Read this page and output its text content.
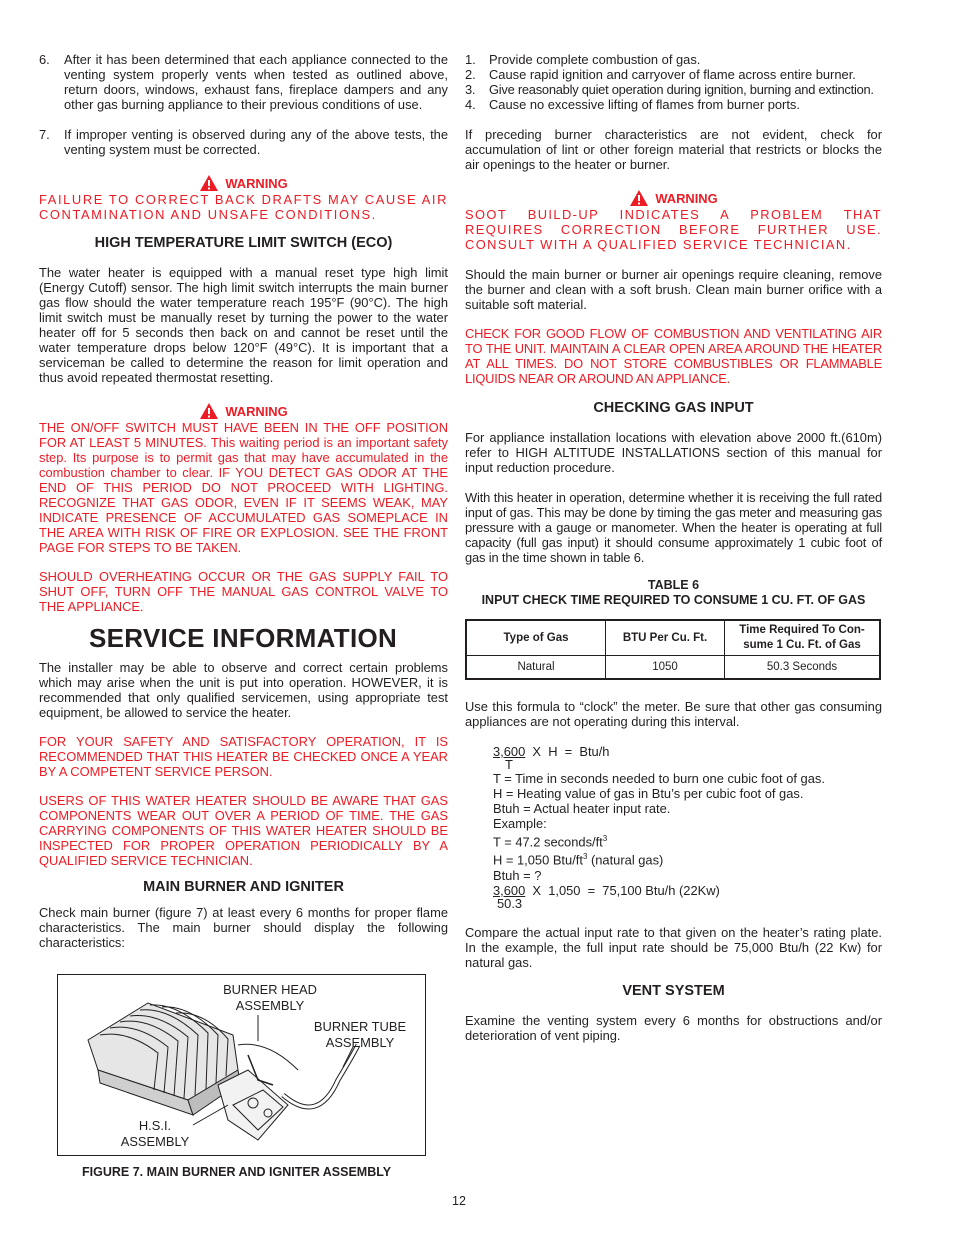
6.	After it has been determined that each appliance connected to the venting system properly vents when tested as outlined above, return doors, windows, exhaust fans, fireplace dampers and any other gas burning appliance to their previous conditions of use.
7.	If improper venting is observed during any of the above tests, the venting system must be corrected.
WARNING

FAILURE TO CORRECT BACK DRAFTS MAY CAUSE AIR CONTAMINATION AND UNSAFE CONDITIONS.

HIGH TEMPERATURE LIMIT SWITCH (ECO)

The water heater is equipped with a manual reset type high limit (Energy Cutoff) sensor. The high limit switch interrupts the main burner gas flow should the water temperature reach 195°F (90°C). The high limit switch must be manually reset by turning the power to the water heater off for 5 seconds then back on and cannot be reset until the water temperature drops below 120°F (49°C). It is important that a serviceman be called to determine the reason for limit operation and thus avoid repeated thermostat resetting.

WARNING

THE ON/OFF SWITCH MUST HAVE BEEN IN THE OFF POSITION FOR AT LEAST 5 MINUTES. This waiting period is an important safety step. Its purpose is to permit gas that may have accumulated in the combustion chamber to clear. IF YOU DETECT GAS ODOR AT THE END OF THIS PERIOD DO NOT PROCEED WITH LIGHTING. RECOGNIZE THAT GAS ODOR, EVEN IF IT SEEMS WEAK, MAY INDICATE PRESENCE OF ACCUMULATED GAS SOMEPLACE IN THE AREA WITH RISK OF FIRE OR EXPLOSION. SEE THE FRONT PAGE FOR STEPS TO BE TAKEN.

SHOULD OVERHEATING OCCUR OR THE GAS SUPPLY FAIL TO SHUT OFF, TURN OFF THE MANUAL GAS CONTROL VALVE TO THE APPLIANCE.

SERVICE INFORMATION

The installer may be able to observe and correct certain problems which may arise when the unit is put into operation. HOWEVER, it is recommended that only qualified servicemen, using appropriate test equipment, be allowed to service the heater.

FOR YOUR SAFETY AND SATISFACTORY OPERATION, IT IS RECOMMENDED THAT THIS HEATER BE CHECKED ONCE A YEAR BY A COMPETENT SERVICE PERSON.

USERS OF THIS WATER HEATER SHOULD BE AWARE THAT GAS COMPONENTS WEAR OUT OVER A PERIOD OF TIME. THE GAS CARRYING COMPONENTS OF THIS WATER HEATER SHOULD BE INSPECTED FOR PROPER OPERATION PERIODICALLY BY A QUALIFIED SERVICE TECHNICIAN.

MAIN BURNER AND IGNITER

Check main burner (figure 7) at least every 6 months for proper flame characteristics. The main burner should display the following characteristics:

BURNER HEAD
ASSEMBLY
BURNER TUBE
ASSEMBLY
H.S.I.
ASSEMBLY
FIGURE 7. MAIN BURNER AND IGNITER ASSEMBLY
1.	Provide complete combustion of gas.
2.	Cause rapid ignition and carryover of flame across entire burner.
3.	Give reasonably quiet operation during ignition, burning and extinction.
4.	Cause no excessive lifting of flames from burner ports.

If preceding burner characteristics are not evident, check for accumulation of lint or other foreign material that restricts or blocks the air openings to the heater or burner.

WARNING

SOOT BUILD-UP INDICATES A PROBLEM THAT REQUIRES CORRECTION BEFORE FURTHER USE. CONSULT WITH A QUALIFIED SERVICE TECHNICIAN.

Should the main burner or burner air openings require cleaning, remove the burner and clean with a soft brush. Clean main burner orifice with a suitable soft material.

CHECK FOR GOOD FLOW OF COMBUSTION AND VENTILATING AIR TO THE UNIT. MAINTAIN A CLEAR OPEN AREA AROUND THE HEATER AT ALL TIMES. DO NOT STORE COMBUSTIBLES OR FLAMMABLE LIQUIDS NEAR OR AROUND AN APPLIANCE.

CHECKING GAS INPUT

For appliance installation locations with elevation above 2000 ft.(610m) refer to HIGH ALTITUDE INSTALLATIONS section of this manual for input reduction procedure.

With this heater in operation, determine whether it is receiving the full rated input of gas. This may be done by timing the gas meter and measuring gas pressure with a gauge or manometer. When the heater is operating at full capacity (full gas input) it should consume approximately 1 cubic foot of gas in the time shown in table 6.

TABLE 6
INPUT CHECK TIME REQUIRED TO CONSUME 1 CU. FT. OF GAS
Type of Gas	BTU Per Cu. Ft.	Time Required To Con-
sume 1 Cu. Ft. of Gas
Natural	1050	50.3 Seconds

Use this formula to “clock” the meter. Be sure that other gas consuming appliances are not operating during this interval.

3,600  X  H  =  Btu/h
T
T = Time in seconds needed to burn one cubic foot of gas.
H = Heating value of gas in Btu’s per cubic foot of gas.
Btuh = Actual heater input rate.
Example:
T = 47.2 seconds/$ft^3$
H = 1,050 Btu/$ft^3$ (natural gas)
Btuh = ?
3,600  X  1,050  =  75,100 Btu/h (22Kw)
50.3

Compare the actual input rate to that given on the heater’s rating plate. In the example, the full input rate should be 75,000 Btu/h (22 Kw) for natural gas.

VENT SYSTEM

Examine the venting system every 6 months for obstructions and/or deterioration of vent piping.

12
